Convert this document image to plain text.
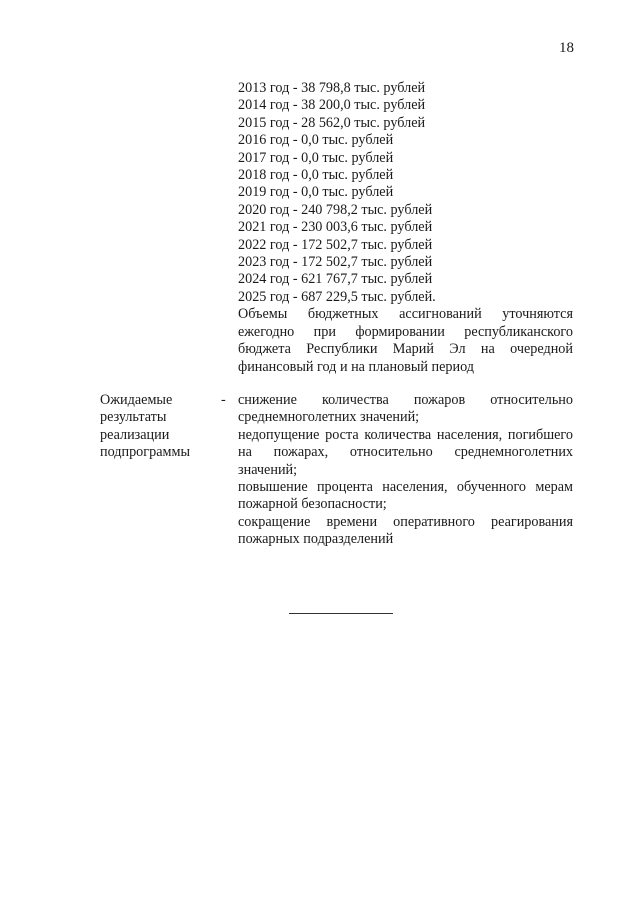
18
2013 год - 38 798,8 тыс. рублей
2014 год - 38 200,0 тыс. рублей
2015 год - 28 562,0 тыс. рублей
2016 год - 0,0 тыс. рублей
2017 год - 0,0 тыс. рублей
2018 год - 0,0 тыс. рублей
2019 год - 0,0 тыс. рублей
2020 год - 240 798,2 тыс. рублей
2021 год - 230 003,6 тыс. рублей
2022 год - 172 502,7 тыс. рублей
2023 год - 172 502,7 тыс. рублей
2024 год - 621 767,7 тыс. рублей
2025 год - 687 229,5 тыс. рублей.
Объемы бюджетных ассигнований уточняются ежегодно при формировании республиканского бюджета Республики Марий Эл на очередной финансовый год и на плановый период
Ожидаемые результаты реализации подпрограммы
- снижение количества пожаров относительно среднемноголетних значений;
недопущение роста количества населения, погибшего на пожарах, относительно среднемноголетних значений;
повышение процента населения, обученного мерам пожарной безопасности;
сокращение времени оперативного реагирования пожарных подразделений
